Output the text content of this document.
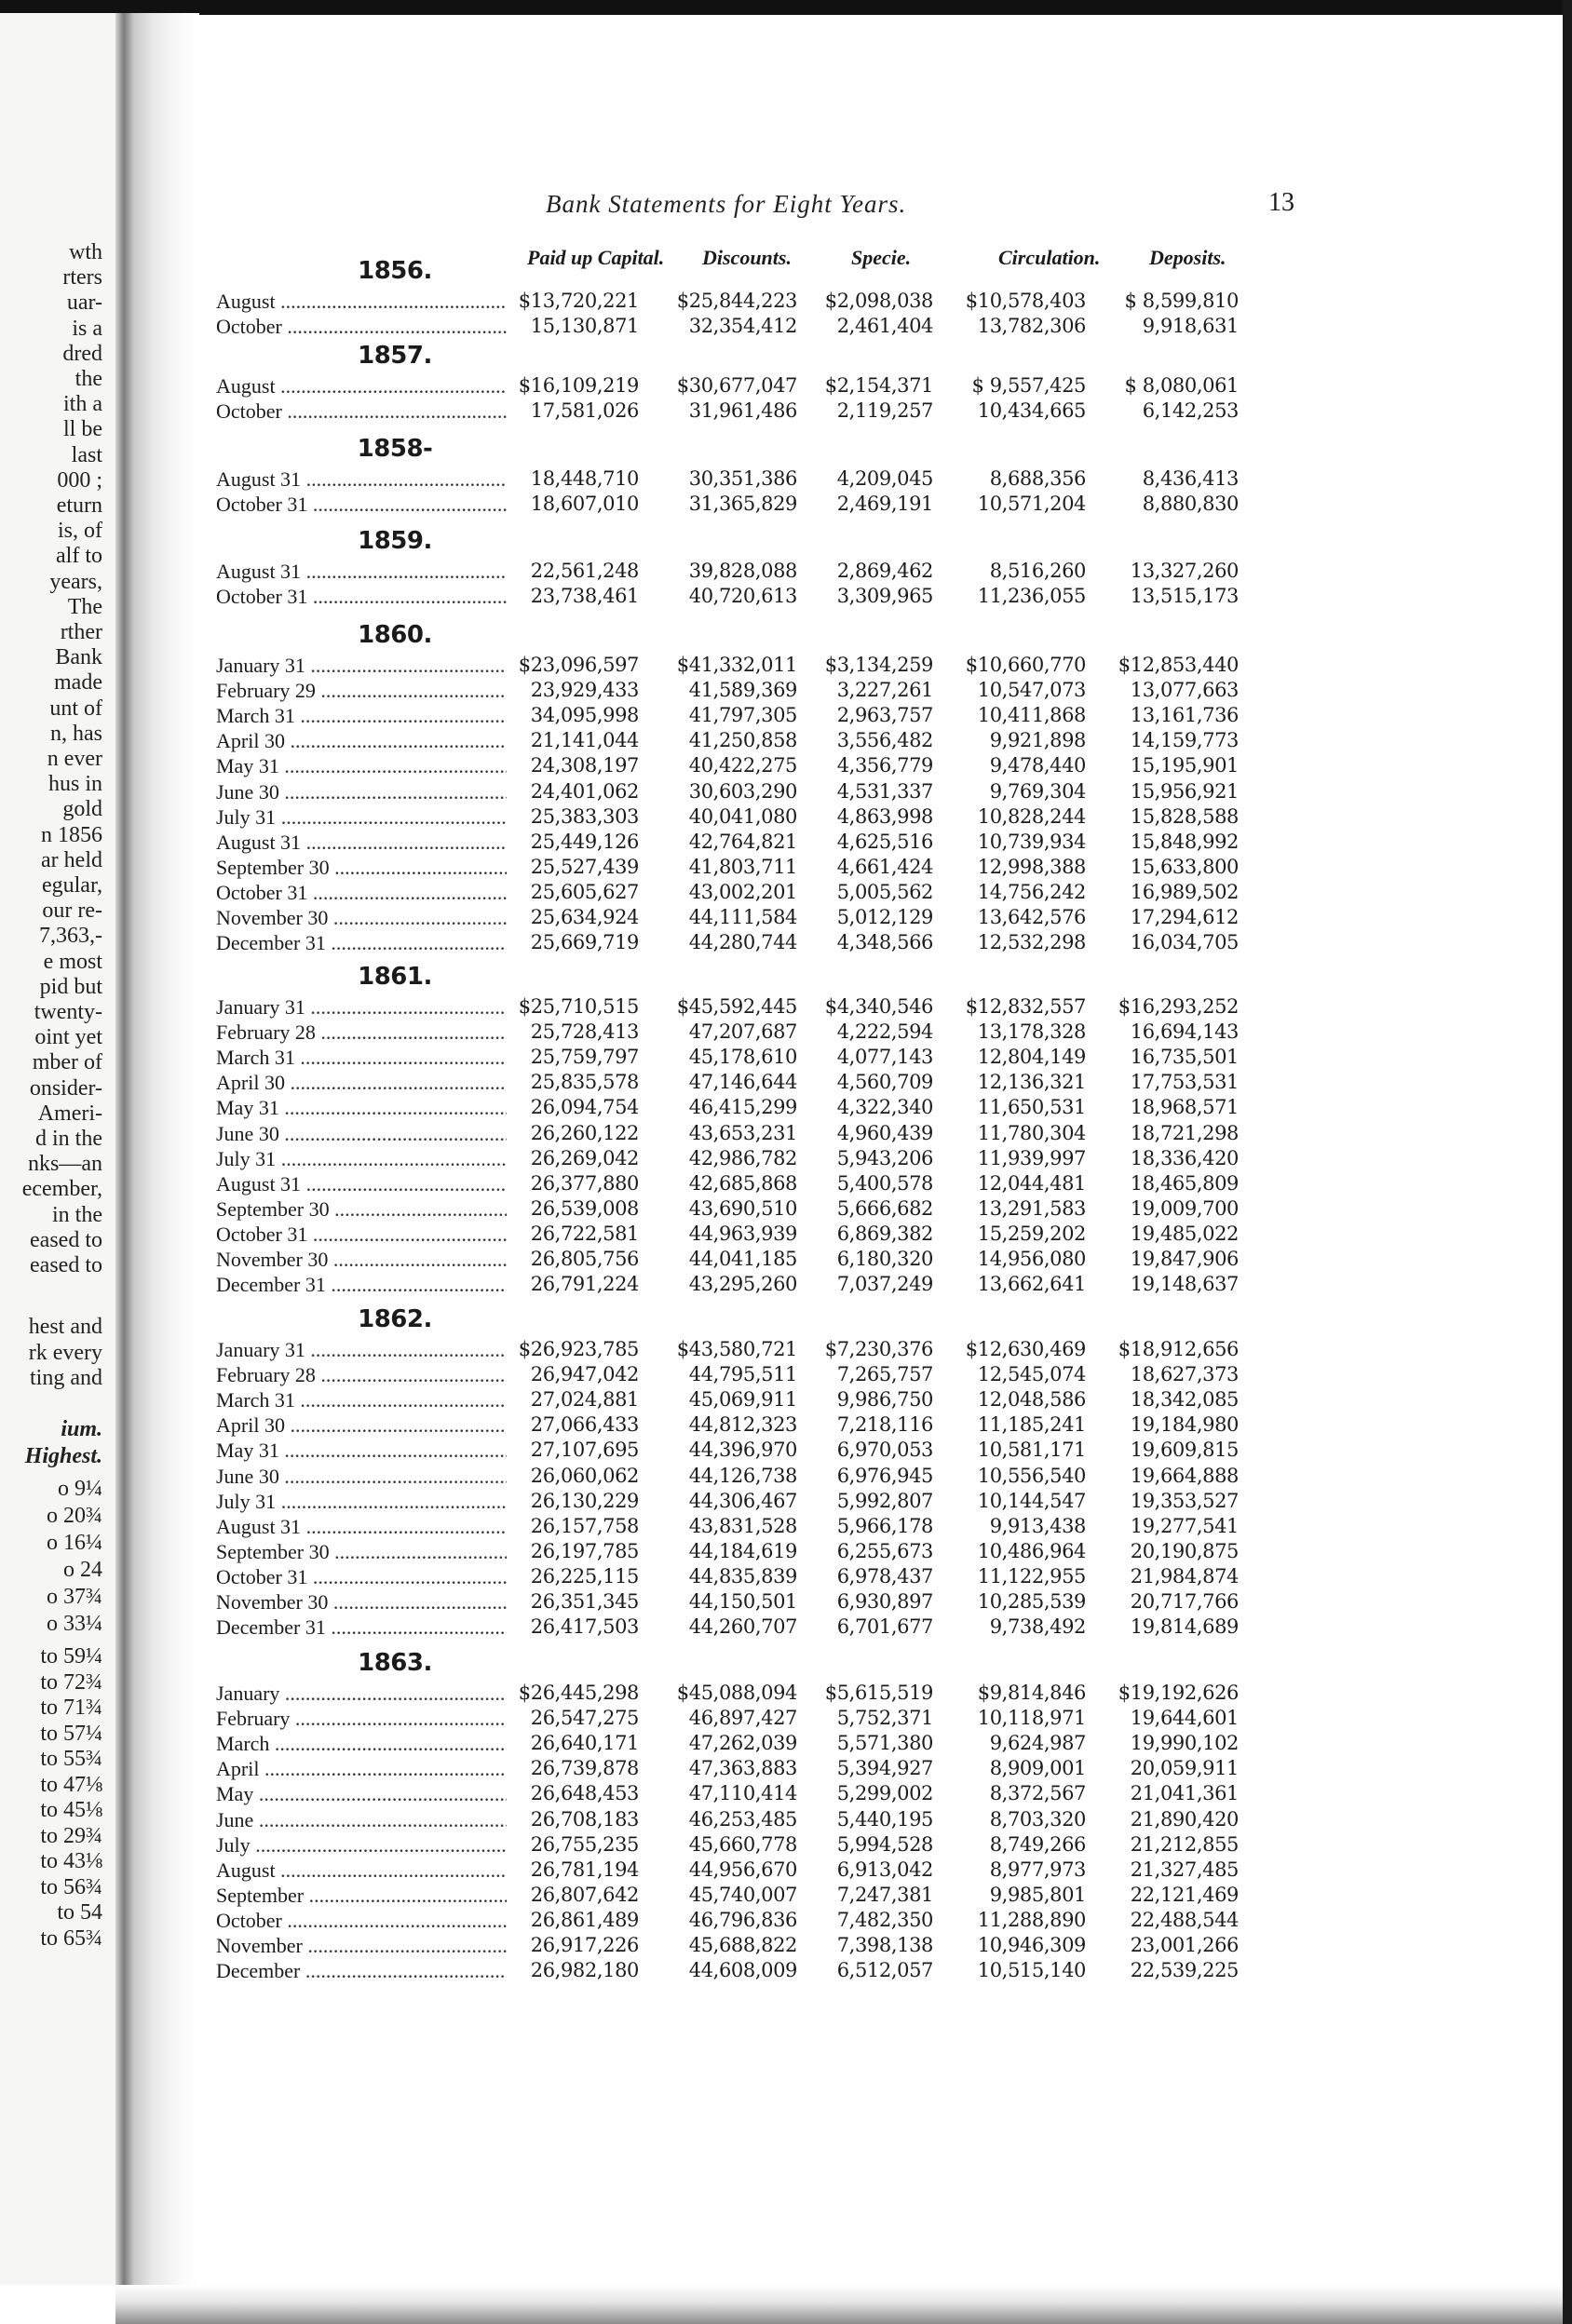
wth
rters
uar-
is a
dred
the
ith a
ll be
last
000 ;
eturn
is, of
alf to
years,
The
rther
Bank
made
unt of
n, has
n ever
hus in
gold
n 1856
ar held
egular,
our re-
7,363,-
e most
pid but
twenty-
oint yet
mber of
onsider-
Ameri-
d in the
nks—an
ecember,
in the
eased to
eased to
hest and
rk every
ting and
ium.
Highest.
o 9¼
o 20¾
o 16¼
o 24
o 37¾
o 33¼
to 59¼
to 72¾
to 71¾
to 57¼
to 55¾
to 47⅛
to 45⅛
to 29¾
to 43⅛
to 56¾
to 54
to 65¾
Bank Statements for Eight Years.	13
Paid up Capital. Discounts.	Specie.	Circulation. Deposits.
1856.
August .....	$13,720,221	$25,844,223	$2,098,038	$10,578,403	$ 8,599,810
October .....	15,130,871	32,354,412	2,461,404	13,782,306	9,918,631
1857.
August .....	$16,109,219	$30,677,047	$2,154,371	$ 9,557,425	$ 8,080,061
October .....	17,581,026	31,961,486	2,119,257	10,434,665	6,142,253
1858-
August 31 .....	18,448,710	30,351,386	4,209,045	8,688,356	8,436,413
October 31 .....	18,607,010	31,365,829	2,469,191	10,571,204	8,880,830
1859.
August 31 .....	22,561,248	39,828,088	2,869,462	8,516,260	13,327,260
October 31 .....	23,738,461	40,720,613	3,309,965	11,236,055	13,515,173
1860.
January 31 .....	$23,096,597	$41,332,011	$3,134,259	$10,660,770	$12,853,440
February 29 .....	23,929,433	41,589,369	3,227,261	10,547,073	13,077,663
March 31 .....	34,095,998	41,797,305	2,963,757	10,411,868	13,161,736
April 30 .....	21,141,044	41,250,858	3,556,482	9,921,898	14,159,773
May 31 .....	24,308,197	40,422,275	4,356,779	9,478,440	15,195,901
June 30 .....	24,401,062	30,603,290	4,531,337	9,769,304	15,956,921
July 31 .....	25,383,303	40,041,080	4,863,998	10,828,244	15,828,588
August 31 .....	25,449,126	42,764,821	4,625,516	10,739,934	15,848,992
September 30 .....	25,527,439	41,803,711	4,661,424	12,998,388	15,633,800
October 31 .....	25,605,627	43,002,201	5,005,562	14,756,242	16,989,502
November 30 .....	25,634,924	44,111,584	5,012,129	13,642,576	17,294,612
December 31 .....	25,669,719	44,280,744	4,348,566	12,532,298	16,034,705
1861.
January 31 .....	$25,710,515	$45,592,445	$4,340,546	$12,832,557	$16,293,252
February 28 .....	25,728,413	47,207,687	4,222,594	13,178,328	16,694,143
March 31 .....	25,759,797	45,178,610	4,077,143	12,804,149	16,735,501
April 30 .....	25,835,578	47,146,644	4,560,709	12,136,321	17,753,531
May 31 .....	26,094,754	46,415,299	4,322,340	11,650,531	18,968,571
June 30 .....	26,260,122	43,653,231	4,960,439	11,780,304	18,721,298
July 31 .....	26,269,042	42,986,782	5,943,206	11,939,997	18,336,420
August 31 .....	26,377,880	42,685,868	5,400,578	12,044,481	18,465,809
September 30 .....	26,539,008	43,690,510	5,666,682	13,291,583	19,009,700
October 31 .....	26,722,581	44,963,939	6,869,382	15,259,202	19,485,022
November 30 .....	26,805,756	44,041,185	6,180,320	14,956,080	19,847,906
December 31 .....	26,791,224	43,295,260	7,037,249	13,662,641	19,148,637
1862.
January 31 .....	$26,923,785	$43,580,721	$7,230,376	$12,630,469	$18,912,656
February 28 .....	26,947,042	44,795,511	7,265,757	12,545,074	18,627,373
March 31 .....	27,024,881	45,069,911	9,986,750	12,048,586	18,342,085
April 30 .....	27,066,433	44,812,323	7,218,116	11,185,241	19,184,980
May 31 .....	27,107,695	44,396,970	6,970,053	10,581,171	19,609,815
June 30 .....	26,060,062	44,126,738	6,976,945	10,556,540	19,664,888
July 31 .....	26,130,229	44,306,467	5,992,807	10,144,547	19,353,527
August 31 .....	26,157,758	43,831,528	5,966,178	9,913,438	19,277,541
September 30 .....	26,197,785	44,184,619	6,255,673	10,486,964	20,190,875
October 31 .....	26,225,115	44,835,839	6,978,437	11,122,955	21,984,874
November 30 .....	26,351,345	44,150,501	6,930,897	10,285,539	20,717,766
December 31 .....	26,417,503	44,260,707	6,701,677	9,738,492	19,814,689
1863.
January .....	$26,445,298	$45,088,094	$5,615,519	$9,814,846	$19,192,626
February .....	26,547,275	46,897,427	5,752,371	10,118,971	19,644,601
March .....	26,640,171	47,262,039	5,571,380	9,624,987	19,990,102
April .....	26,739,878	47,363,883	5,394,927	8,909,001	20,059,911
May .....	26,648,453	47,110,414	5,299,002	8,372,567	21,041,361
June .....	26,708,183	46,253,485	5,440,195	8,703,320	21,890,420
July .....	26,755,235	45,660,778	5,994,528	8,749,266	21,212,855
August .....	26,781,194	44,956,670	6,913,042	8,977,973	21,327,485
September .....	26,807,642	45,740,007	7,247,381	9,985,801	22,121,469
October .....	26,861,489	46,796,836	7,482,350	11,288,890	22,488,544
November .....	26,917,226	45,688,822	7,398,138	10,946,309	23,001,266
December .....	26,982,180	44,608,009	6,512,057	10,515,140	22,539,225
